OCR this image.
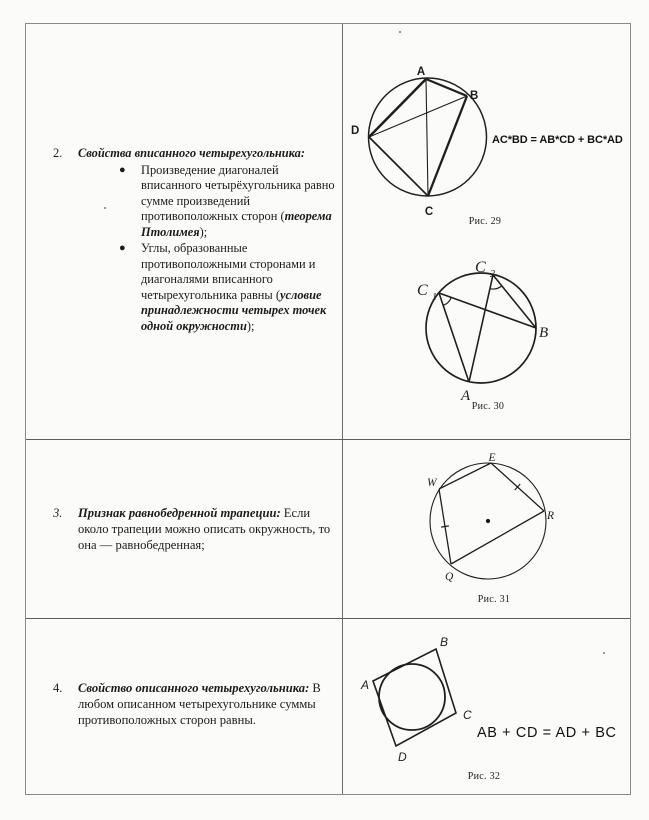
2.	Свойства вписанного четырехугольника:
●	Произведение диагоналей вписанного четырёхугольника равно сумме произведений противоположных сторон (теорема Птолимея);
●	Углы, образованные противоположными сторонами и диагоналями вписанного четырехугольника равны (условие принадлежности четырех точек одной окружности);
A
B
C
D
AC*BD = AB*CD + BC*AD
Рис. 29
C 1
C 2
B
A
Рис. 30
3.	Признак равнобедренной трапеции: Если около трапеции можно описать окружность, то она — равнобедренная;
E
W
R
Q
Рис. 31
4.	Свойство описанного четырехугольника: В любом описанном четырехугольнике суммы противоположных сторон равны.
A
B
C
D
AB + CD = AD + BC
Рис. 32
